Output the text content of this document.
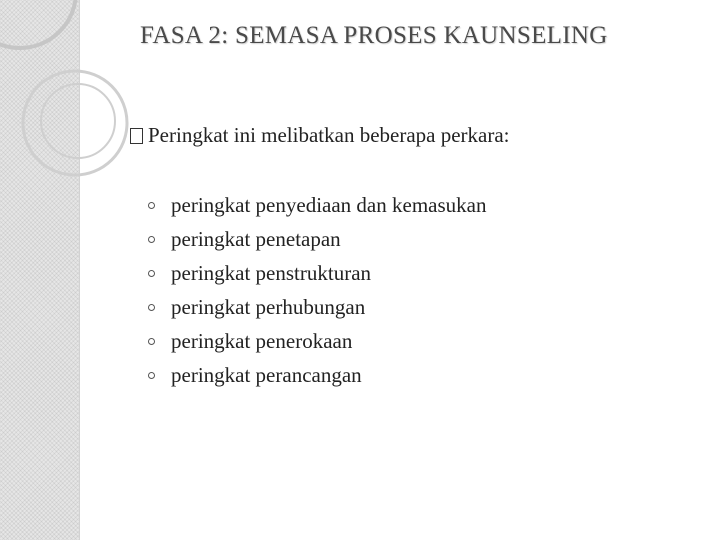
FASA 2: SEMASA PROSES KAUNSELING
Peringkat ini melibatkan beberapa perkara:
peringkat penyediaan dan kemasukan
peringkat penetapan
peringkat penstrukturan
peringkat perhubungan
peringkat penerokaan
peringkat perancangan
